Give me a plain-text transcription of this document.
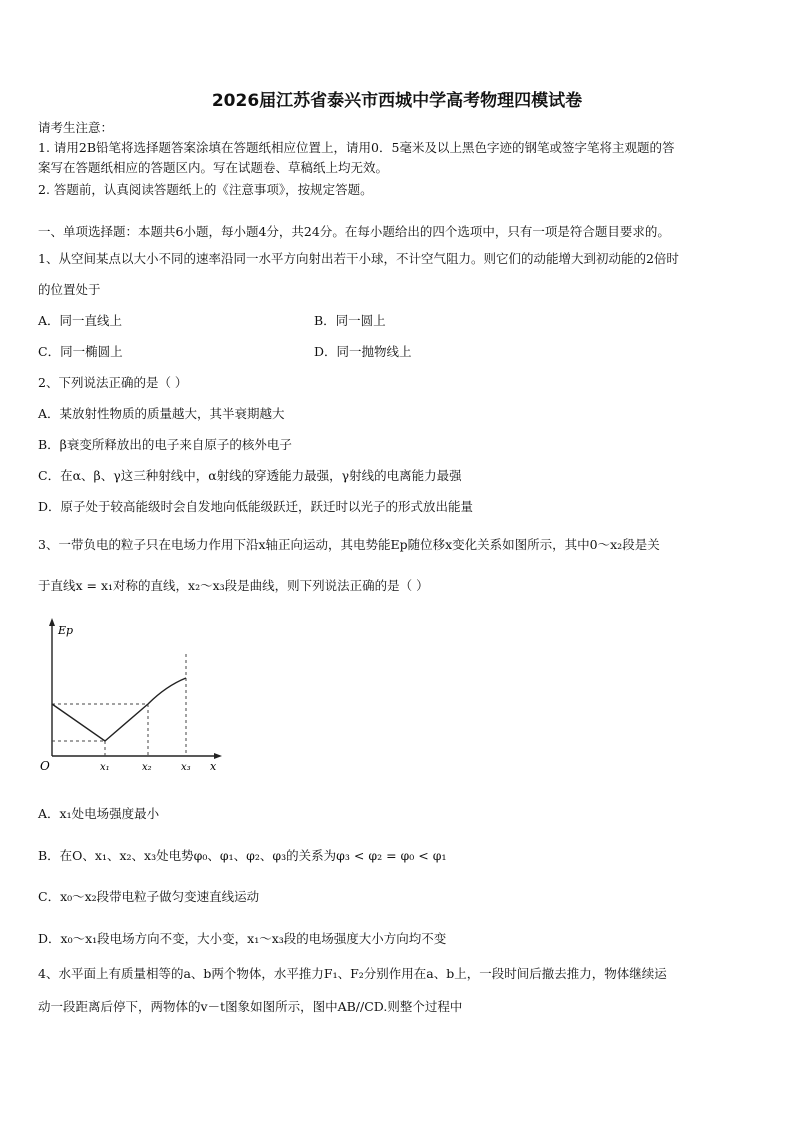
2026届江苏省泰兴市西城中学高考物理四模试卷
请考生注意：
1. 请用2B铅笔将选择题答案涂填在答题纸相应位置上，请用0．5毫米及以上黑色字迹的钢笔或签字笔将主观题的答
案写在答题纸相应的答题区内。写在试题卷、草稿纸上均无效。
2. 答题前，认真阅读答题纸上的《注意事项》，按规定答题。
一、单项选择题：本题共6小题，每小题4分，共24分。在每小题给出的四个选项中，只有一项是符合题目要求的。
1、从空间某点以大小不同的速率沿同一水平方向射出若干小球，不计空气阻力。则它们的动能增大到初动能的2倍时
的位置处于
A．同一直线上	B．同一圆上
C．同一椭圆上	D．同一抛物线上
2、下列说法正确的是（ ）
A．某放射性物质的质量越大，其半衰期越大
B．β衰变所释放出的电子来自原子的核外电子
C．在α、β、γ这三种射线中，α射线的穿透能力最强，γ射线的电离能力最强
D．原子处于较高能级时会自发地向低能级跃迁，跃迁时以光子的形式放出能量
3、一带负电的粒子只在电场力作用下沿x轴正向运动，其电势能Ep随位移x变化关系如图所示，其中0～x₂段是关
于直线x = x₁对称的直线，x₂～x₃段是曲线，则下列说法正确的是（ ）
Ep
O	x₁	x₂	x₃ x
A．x₁处电场强度最小
B．在O、x₁、x₂、x₃处电势φ₀、φ₁、φ₂、φ₃的关系为φ₃ < φ₂ = φ₀ < φ₁
C．x₀～x₂段带电粒子做匀变速直线运动
D．x₀～x₁段电场方向不变，大小变，x₁～x₃段的电场强度大小方向均不变
4、水平面上有质量相等的a、b两个物体，水平推力F₁、F₂分别作用在a、b上，一段时间后撤去推力，物体继续运
动一段距离后停下，两物体的v－t图象如图所示，图中AB//CD.则整个过程中
